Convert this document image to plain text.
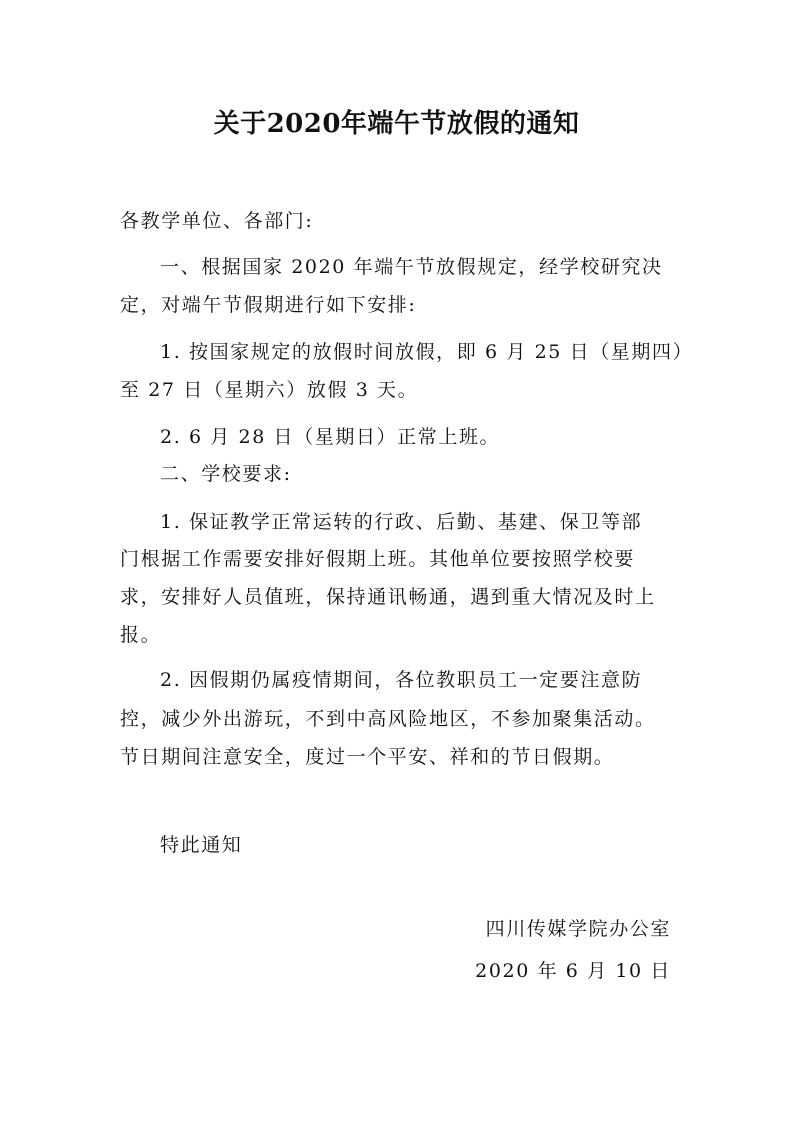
关于2020年端午节放假的通知

各教学单位、各部门:

一、根据国家 2020 年端午节放假规定，经学校研究决

定，对端午节假期进行如下安排:

1. 按国家规定的放假时间放假，即 6 月 25 日（星期四）

至 27 日（星期六）放假 3 天。

2. 6 月 28 日（星期日）正常上班。

二、学校要求:

1. 保证教学正常运转的行政、后勤、基建、保卫等部

门根据工作需要安排好假期上班。其他单位要按照学校要

求，安排好人员值班，保持通讯畅通，遇到重大情况及时上

报。

2. 因假期仍属疫情期间，各位教职员工一定要注意防

控，减少外出游玩，不到中高风险地区，不参加聚集活动。

节日期间注意安全，度过一个平安、祥和的节日假期。

特此通知

四川传媒学院办公室

2020 年 6 月 10 日
